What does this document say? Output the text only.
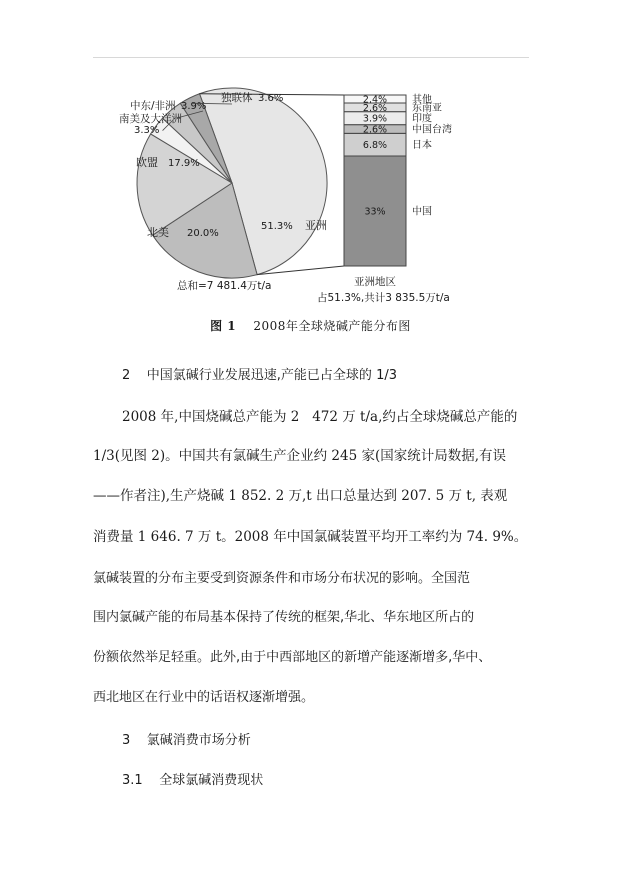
33%	中国
6.8% 日本
2.6% 中国台湾
3.9% 印度
2.6% 东南亚
2.4% 其他
51.3% 亚洲
北美 20.0%
欧盟 17.9%
南美及大洋洲
3.3%
中东/非洲 3.9%
独联体 3.6%
总和=7 481.4万t/a	亚洲地区
占51.3%,共计3 835.5万t/a
图 1 2008年全球烧碱产能分布图
2    中国氯碱行业发展迅速,产能已占全球的 1/3
2008 年,中国烧碱总产能为 2   472 万 t/a,约占全球烧碱总产能的
1/3(见图 2)。中国共有氯碱生产企业约 245 家(国家统计局数据,有误
——作者注),生产烧碱 1 852. 2 万,t 出口总量达到 207. 5 万 t, 表观
消费量 1 646. 7 万 t。2008 年中国氯碱装置平均开工率约为 74. 9%。
氯碱装置的分布主要受到资源条件和市场分布状况的影响。全国范
围内氯碱产能的布局基本保持了传统的框架,华北、华东地区所占的
份额依然举足轻重。此外,由于中西部地区的新增产能逐渐增多,华中、
西北地区在行业中的话语权逐渐增强。
3    氯碱消费市场分析
3.1    全球氯碱消费现状
